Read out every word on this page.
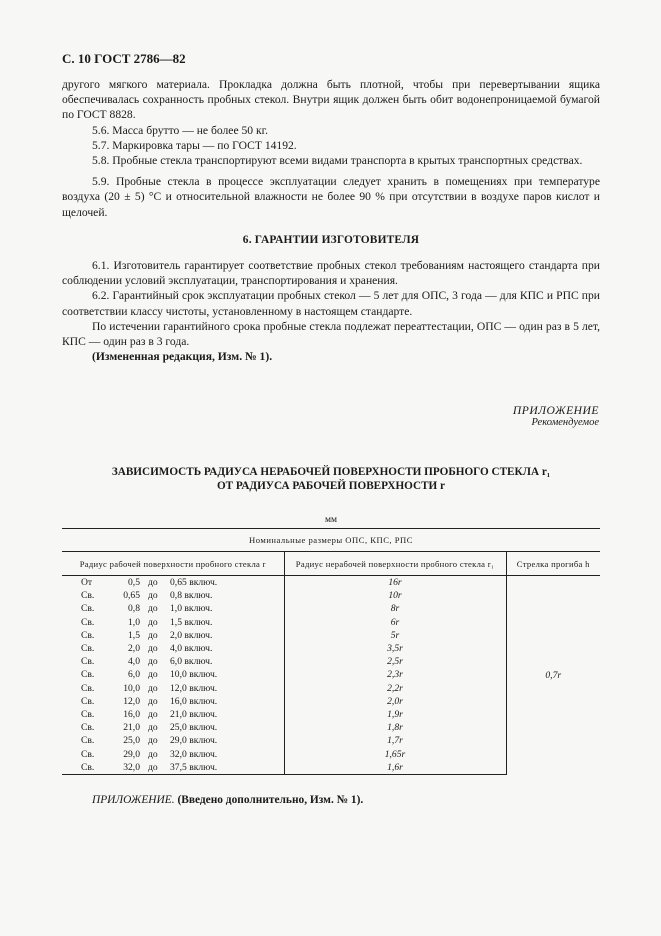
С. 10 ГОСТ 2786—82

другого мягкого материала. Прокладка должна быть плотной, чтобы при перевертывании ящика обеспечивалась сохранность пробных стекол. Внутри ящик должен быть обит водонепроницаемой бумагой по ГОСТ 8828.

5.6. Масса брутто — не более 50 кг.

5.7. Маркировка тары — по ГОСТ 14192.

5.8. Пробные стекла транспортируют всеми видами транспорта в крытых транспортных средствах.

5.9. Пробные стекла в процессе эксплуатации следует хранить в помещениях при температуре воздуха (20 ± 5) °С и относительной влажности не более 90 % при отсутствии в воздухе паров кислот и щелочей.

6. ГАРАНТИИ ИЗГОТОВИТЕЛЯ

6.1. Изготовитель гарантирует соответствие пробных стекол требованиям настоящего стандарта при соблюдении условий эксплуатации, транспортирования и хранения.

6.2. Гарантийный срок эксплуатации пробных стекол — 5 лет для ОПС, 3 года — для КПС и РПС при соответствии классу чистоты, установленному в настоящем стандарте.

По истечении гарантийного срока пробные стекла подлежат переаттестации, ОПС — один раз в 5 лет, КПС — один раз в 3 года.

(Измененная редакция, Изм. № 1).

ПРИЛОЖЕНИЕ
Рекомендуемое
ЗАВИСИМОСТЬ РАДИУСА НЕРАБОЧЕЙ ПОВЕРХНОСТИ ПРОБНОГО СТЕКЛА r₁
ОТ РАДИУСА РАБОЧЕЙ ПОВЕРХНОСТИ r
мм
Номинальные размеры ОПС, КПС, РПС		
Радиус рабочей поверхности пробного стекла r	Радиус нерабочей поверхности пробного стекла r₁	Стрелка прогиба h

От 0,5 до 0,65 включ.	16r	0,7r

Св. 0,65 до 0,8 включ.	10r	

Св. 0,8 до 1,0 включ.	8r	

Св. 1,0 до 1,5 включ.	6r	

Св. 1,5 до 2,0 включ.	5r	

Св. 2,0 до 4,0 включ.	3,5r	

Св. 4,0 до 6,0 включ.	2,5r	

Св. 6,0 до 10,0 включ.	2,3r	

Св. 10,0 до 12,0 включ.	2,2r	

Св. 12,0 до 16,0 включ.	2,0r	

Св. 16,0 до 21,0 включ.	1,9r	

Св. 21,0 до 25,0 включ.	1,8r	

Св. 25,0 до 29,0 включ.	1,7r	

Св. 29,0 до 32,0 включ.	1,65r	

Св. 32,0 до 37,5 включ.	1,6r	
ПРИЛОЖЕНИЕ. (Введено дополнительно, Изм. № 1).
